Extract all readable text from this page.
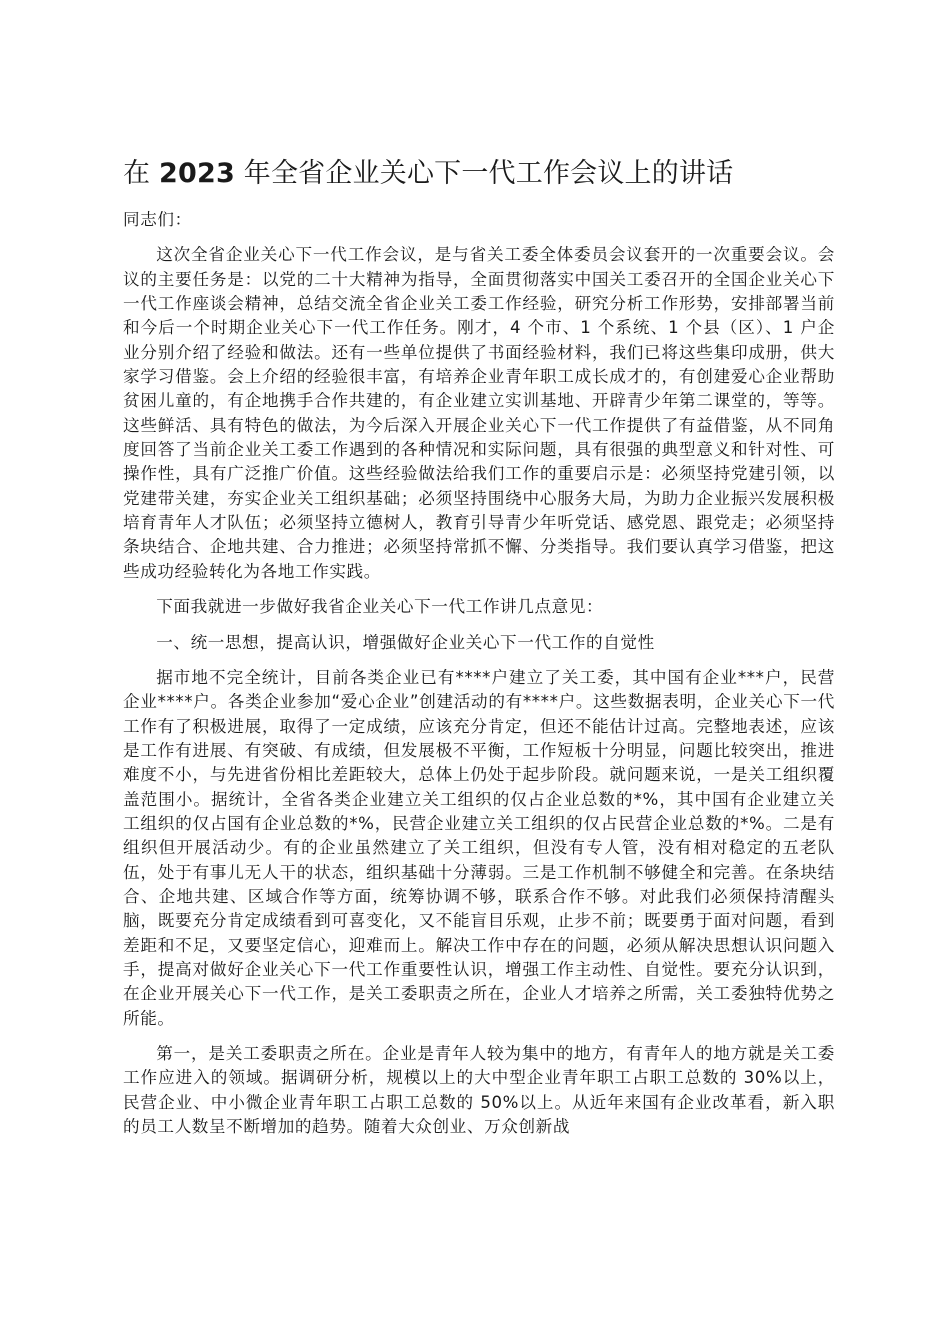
在 2023 年全省企业关心下一代工作会议上的讲话

同志们：

这次全省企业关心下一代工作会议，是与省关工委全体委员会议套开的一次重要会议。会议的主要任务是：以党的二十大精神为指导，全面贯彻落实中国关工委召开的全国企业关心下一代工作座谈会精神，总结交流全省企业关工委工作经验，研究分析工作形势，安排部署当前和今后一个时期企业关心下一代工作任务。刚才，4 个市、1 个系统、1 个县（区）、1 户企业分别介绍了经验和做法。还有一些单位提供了书面经验材料，我们已将这些集印成册，供大家学习借鉴。会上介绍的经验很丰富，有培养企业青年职工成长成才的，有创建爱心企业帮助贫困儿童的，有企地携手合作共建的，有企业建立实训基地、开辟青少年第二课堂的，等等。这些鲜活、具有特色的做法，为今后深入开展企业关心下一代工作提供了有益借鉴，从不同角度回答了当前企业关工委工作遇到的各种情况和实际问题，具有很强的典型意义和针对性、可操作性，具有广泛推广价值。这些经验做法给我们工作的重要启示是：必须坚持党建引领，以党建带关建，夯实企业关工组织基础；必须坚持围绕中心服务大局，为助力企业振兴发展积极培育青年人才队伍；必须坚持立德树人，教育引导青少年听党话、感党恩、跟党走；必须坚持条块结合、企地共建、合力推进；必须坚持常抓不懈、分类指导。我们要认真学习借鉴，把这些成功经验转化为各地工作实践。

下面我就进一步做好我省企业关心下一代工作讲几点意见：

一、统一思想，提高认识，增强做好企业关心下一代工作的自觉性

据市地不完全统计，目前各类企业已有****户建立了关工委，其中国有企业***户，民营企业****户。各类企业参加“爱心企业”创建活动的有****户。这些数据表明，企业关心下一代工作有了积极进展，取得了一定成绩，应该充分肯定，但还不能估计过高。完整地表述，应该是工作有进展、有突破、有成绩，但发展极不平衡，工作短板十分明显，问题比较突出，推进难度不小，与先进省份相比差距较大，总体上仍处于起步阶段。就问题来说，一是关工组织覆盖范围小。据统计，全省各类企业建立关工组织的仅占企业总数的*%，其中国有企业建立关工组织的仅占国有企业总数的*%，民营企业建立关工组织的仅占民营企业总数的*%。二是有组织但开展活动少。有的企业虽然建立了关工组织，但没有专人管，没有相对稳定的五老队伍，处于有事儿无人干的状态，组织基础十分薄弱。三是工作机制不够健全和完善。在条块结合、企地共建、区域合作等方面，统筹协调不够，联系合作不够。对此我们必须保持清醒头脑，既要充分肯定成绩看到可喜变化，又不能盲目乐观，止步不前；既要勇于面对问题，看到差距和不足，又要坚定信心，迎难而上。解决工作中存在的问题，必须从解决思想认识问题入手，提高对做好企业关心下一代工作重要性认识，增强工作主动性、自觉性。要充分认识到，在企业开展关心下一代工作，是关工委职责之所在，企业人才培养之所需，关工委独特优势之所能。

第一，是关工委职责之所在。企业是青年人较为集中的地方，有青年人的地方就是关工委工作应进入的领域。据调研分析，规模以上的大中型企业青年职工占职工总数的 30%以上，民营企业、中小微企业青年职工占职工总数的 50%以上。从近年来国有企业改革看，新入职的员工人数呈不断增加的趋势。随着大众创业、万众创新战
